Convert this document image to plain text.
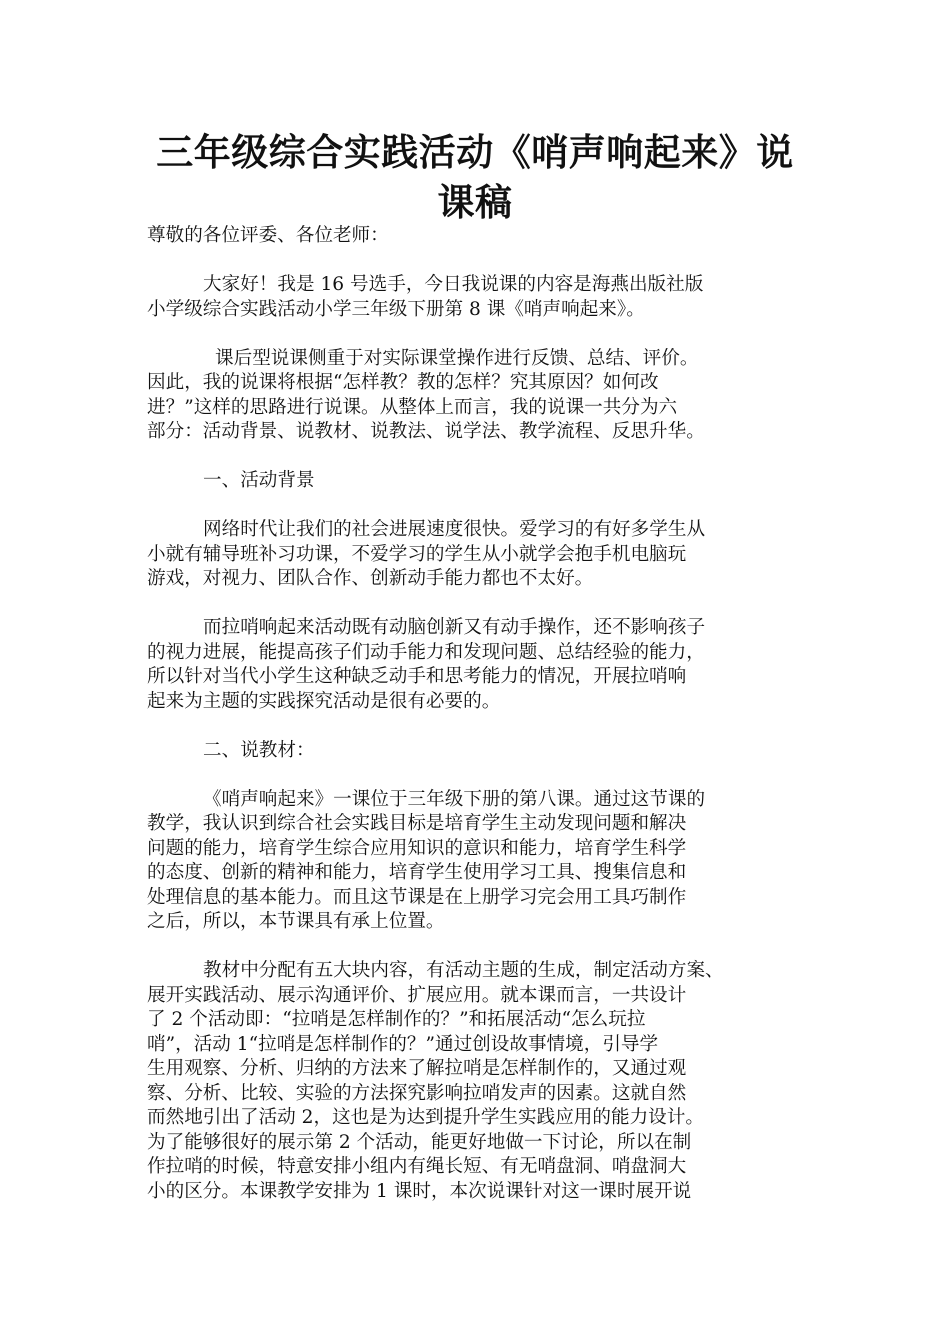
三年级综合实践活动《哨声响起来》说
课稿
尊敬的各位评委、各位老师：
大家好！我是 16 号选手，今日我说课的内容是海燕出版社版
小学级综合实践活动小学三年级下册第 8 课《哨声响起来》。
课后型说课侧重于对实际课堂操作进行反馈、总结、评价。
因此，我的说课将根据“怎样教？教的怎样？究其原因？如何改
进？”这样的思路进行说课。从整体上而言，我的说课一共分为六
部分：活动背景、说教材、说教法、说学法、教学流程、反思升华。
一、活动背景
网络时代让我们的社会进展速度很快。爱学习的有好多学生从
小就有辅导班补习功课，不爱学习的学生从小就学会抱手机电脑玩
游戏，对视力、团队合作、创新动手能力都也不太好。
而拉哨响起来活动既有动脑创新又有动手操作，还不影响孩子
的视力进展，能提高孩子们动手能力和发现问题、总结经验的能力，
所以针对当代小学生这种缺乏动手和思考能力的情况，开展拉哨响
起来为主题的实践探究活动是很有必要的。
二、说教材：
《哨声响起来》一课位于三年级下册的第八课。通过这节课的
教学，我认识到综合社会实践目标是培育学生主动发现问题和解决
问题的能力，培育学生综合应用知识的意识和能力，培育学生科学
的态度、创新的精神和能力，培育学生使用学习工具、搜集信息和
处理信息的基本能力。而且这节课是在上册学习完会用工具巧制作
之后，所以，本节课具有承上位置。
教材中分配有五大块内容，有活动主题的生成，制定活动方案、
展开实践活动、展示沟通评价、扩展应用。就本课而言，一共设计
了 2 个活动即：“拉哨是怎样制作的？”和拓展活动“怎么玩拉
哨”，活动 1“拉哨是怎样制作的？”通过创设故事情境，引导学
生用观察、分析、归纳的方法来了解拉哨是怎样制作的，又通过观
察、分析、比较、实验的方法探究影响拉哨发声的因素。这就自然
而然地引出了活动 2，这也是为达到提升学生实践应用的能力设计。
为了能够很好的展示第 2 个活动，能更好地做一下讨论，所以在制
作拉哨的时候，特意安排小组内有绳长短、有无哨盘洞、哨盘洞大
小的区分。本课教学安排为 1 课时，本次说课针对这一课时展开说
